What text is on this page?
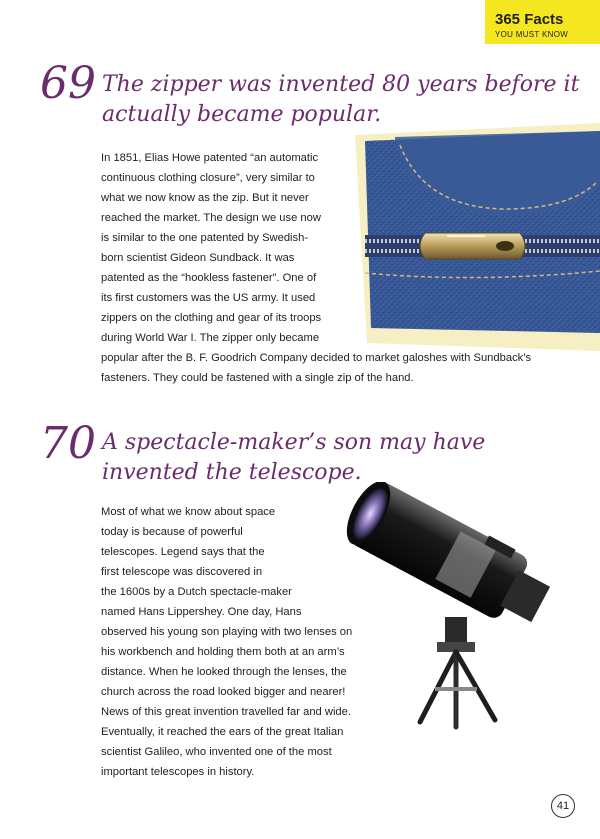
365 Facts
YOU MUST KNOW
69 The zipper was invented 80 years before it
actually became popular.
In 1851, Elias Howe patented “an automatic
continuous clothing closure”, very similar to
what we now know as the zip. But it never
reached the market. The design we use now
is similar to the one patented by Swedish-
born scientist Gideon Sundback. It was
patented as the “hookless fastener”. One of
its first customers was the US army. It used
zippers on the clothing and gear of its troops
during World War I. The zipper only became
popular after the B. F. Goodrich Company decided to market galoshes with Sundback’s
fasteners. They could be fastened with a single zip of the hand.
70 A spectacle-maker’s son may have
invented the telescope.
Most of what we know about space
today is because of powerful
telescopes. Legend says that the
first telescope was discovered in
the 1600s by a Dutch spectacle-maker
named Hans Lippershey. One day, Hans
observed his young son playing with two lenses on
his workbench and holding them both at an arm’s
distance. When he looked through the lenses, the
church across the road looked bigger and nearer!
News of this great invention travelled far and wide.
Eventually, it reached the ears of the great Italian
scientist Galileo, who invented one of the most
important telescopes in history.
41
